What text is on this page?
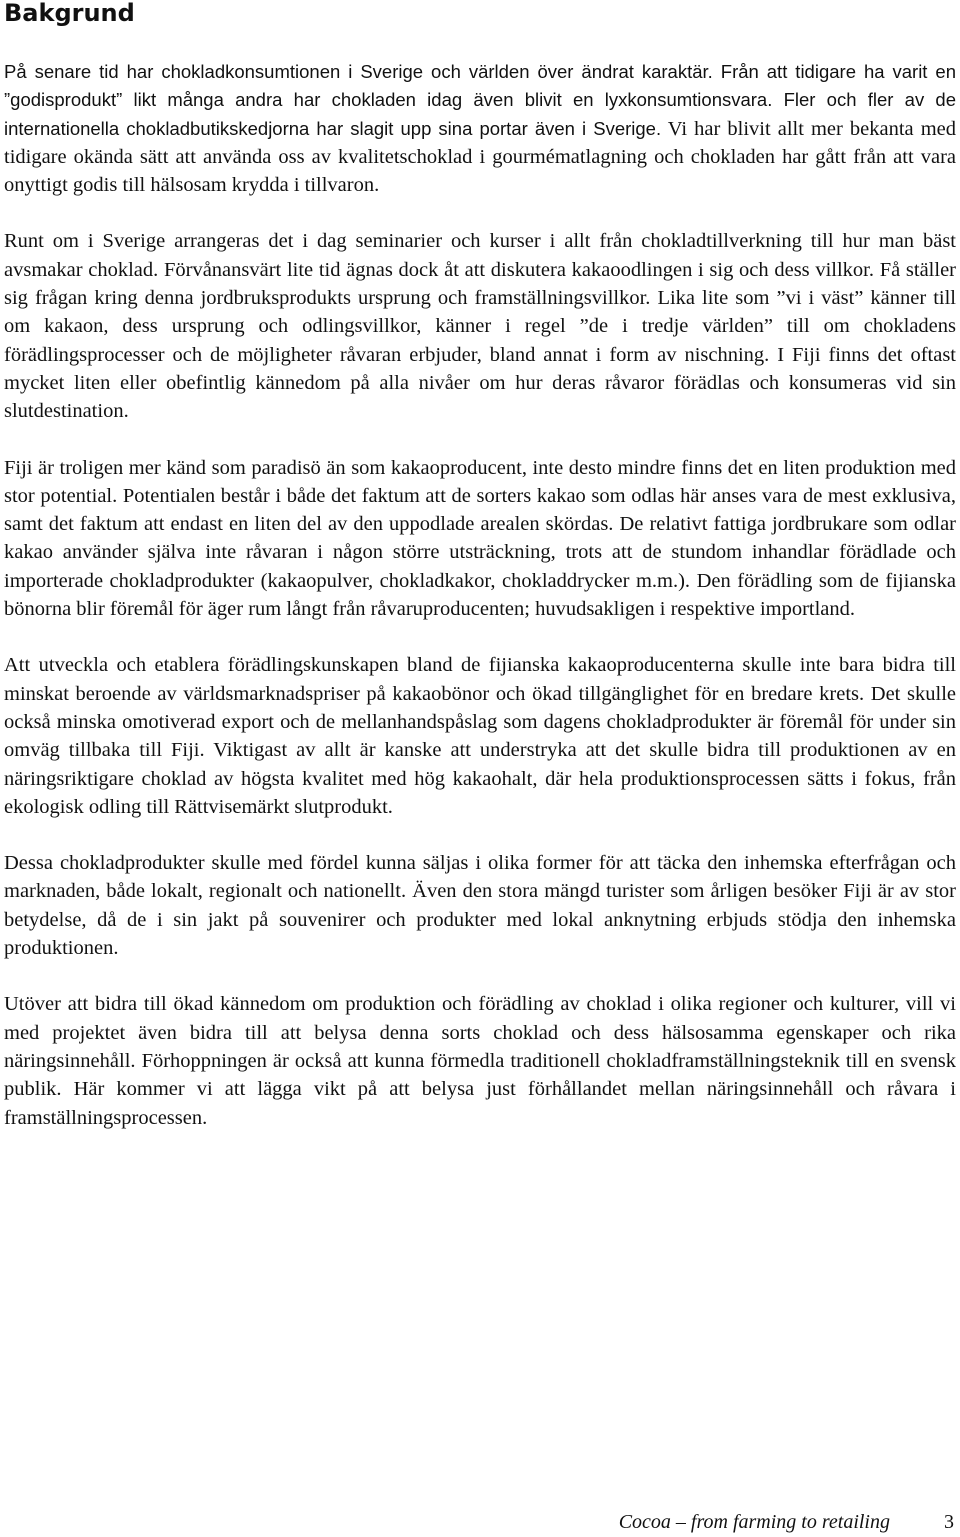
Bakgrund

På senare tid har chokladkonsumtionen i Sverige och världen över ändrat karaktär. Från att tidigare ha varit en ”godisprodukt” likt många andra har chokladen idag även blivit en lyxkonsumtionsvara. Fler och fler av de internationella chokladbutikskedjorna har slagit upp sina portar även i Sverige. Vi har blivit allt mer bekanta med tidigare okända sätt att använda oss av kvalitetschoklad i gourmématlagning och chokladen har gått från att vara onyttigt godis till hälsosam krydda i tillvaron.

Runt om i Sverige arrangeras det i dag seminarier och kurser i allt från chokladtillverkning till hur man bäst avsmakar choklad. Förvånansvärt lite tid ägnas dock åt att diskutera kakaoodlingen i sig och dess villkor. Få ställer sig frågan kring denna jordbruksprodukts ursprung och framställningsvillkor. Lika lite som ”vi i väst” känner till om kakaon, dess ursprung och odlingsvillkor, känner i regel ”de i tredje världen” till om chokladens förädlingsprocesser och de möjligheter råvaran erbjuder, bland annat i form av nischning. I Fiji finns det oftast mycket liten eller obefintlig kännedom på alla nivåer om hur deras råvaror förädlas och konsumeras vid sin slutdestination.

Fiji är troligen mer känd som paradisö än som kakaoproducent, inte desto mindre finns det en liten produktion med stor potential. Potentialen består i både det faktum att de sorters kakao som odlas här anses vara de mest exklusiva, samt det faktum att endast en liten del av den uppodlade arealen skördas. De relativt fattiga jordbrukare som odlar kakao använder själva inte råvaran i någon större utsträckning, trots att de stundom inhandlar förädlade och importerade chokladprodukter (kakaopulver, chokladkakor, chokladdrycker m.m.). Den förädling som de fijianska bönorna blir föremål för äger rum långt från råvaruproducenten; huvudsakligen i respektive importland.

Att utveckla och etablera förädlingskunskapen bland de fijianska kakaoproducenterna skulle inte bara bidra till minskat beroende av världsmarknadspriser på kakaobönor och ökad tillgänglighet för en bredare krets. Det skulle också minska omotiverad export och de mellanhandspåslag som dagens chokladprodukter är föremål för under sin omväg tillbaka till Fiji. Viktigast av allt är kanske att understryka att det skulle bidra till produktionen av en näringsriktigare choklad av högsta kvalitet med hög kakaohalt, där hela produktionsprocessen sätts i fokus, från ekologisk odling till Rättvisemärkt slutprodukt.

Dessa chokladprodukter skulle med fördel kunna säljas i olika former för att täcka den inhemska efterfrågan och marknaden, både lokalt, regionalt och nationellt. Även den stora mängd turister som årligen besöker Fiji är av stor betydelse, då de i sin jakt på souvenirer och produkter med lokal anknytning erbjuds stödja den inhemska produktionen.

Utöver att bidra till ökad kännedom om produktion och förädling av choklad i olika regioner och kulturer, vill vi med projektet även bidra till att belysa denna sorts choklad och dess hälsosamma egenskaper och rika näringsinnehåll. Förhoppningen är också att kunna förmedla traditionell chokladframställningsteknik till en svensk publik. Här kommer vi att lägga vikt på att belysa just förhållandet mellan näringsinnehåll och råvara i framställningsprocessen.

Cocoa – from farming to retailing	3
